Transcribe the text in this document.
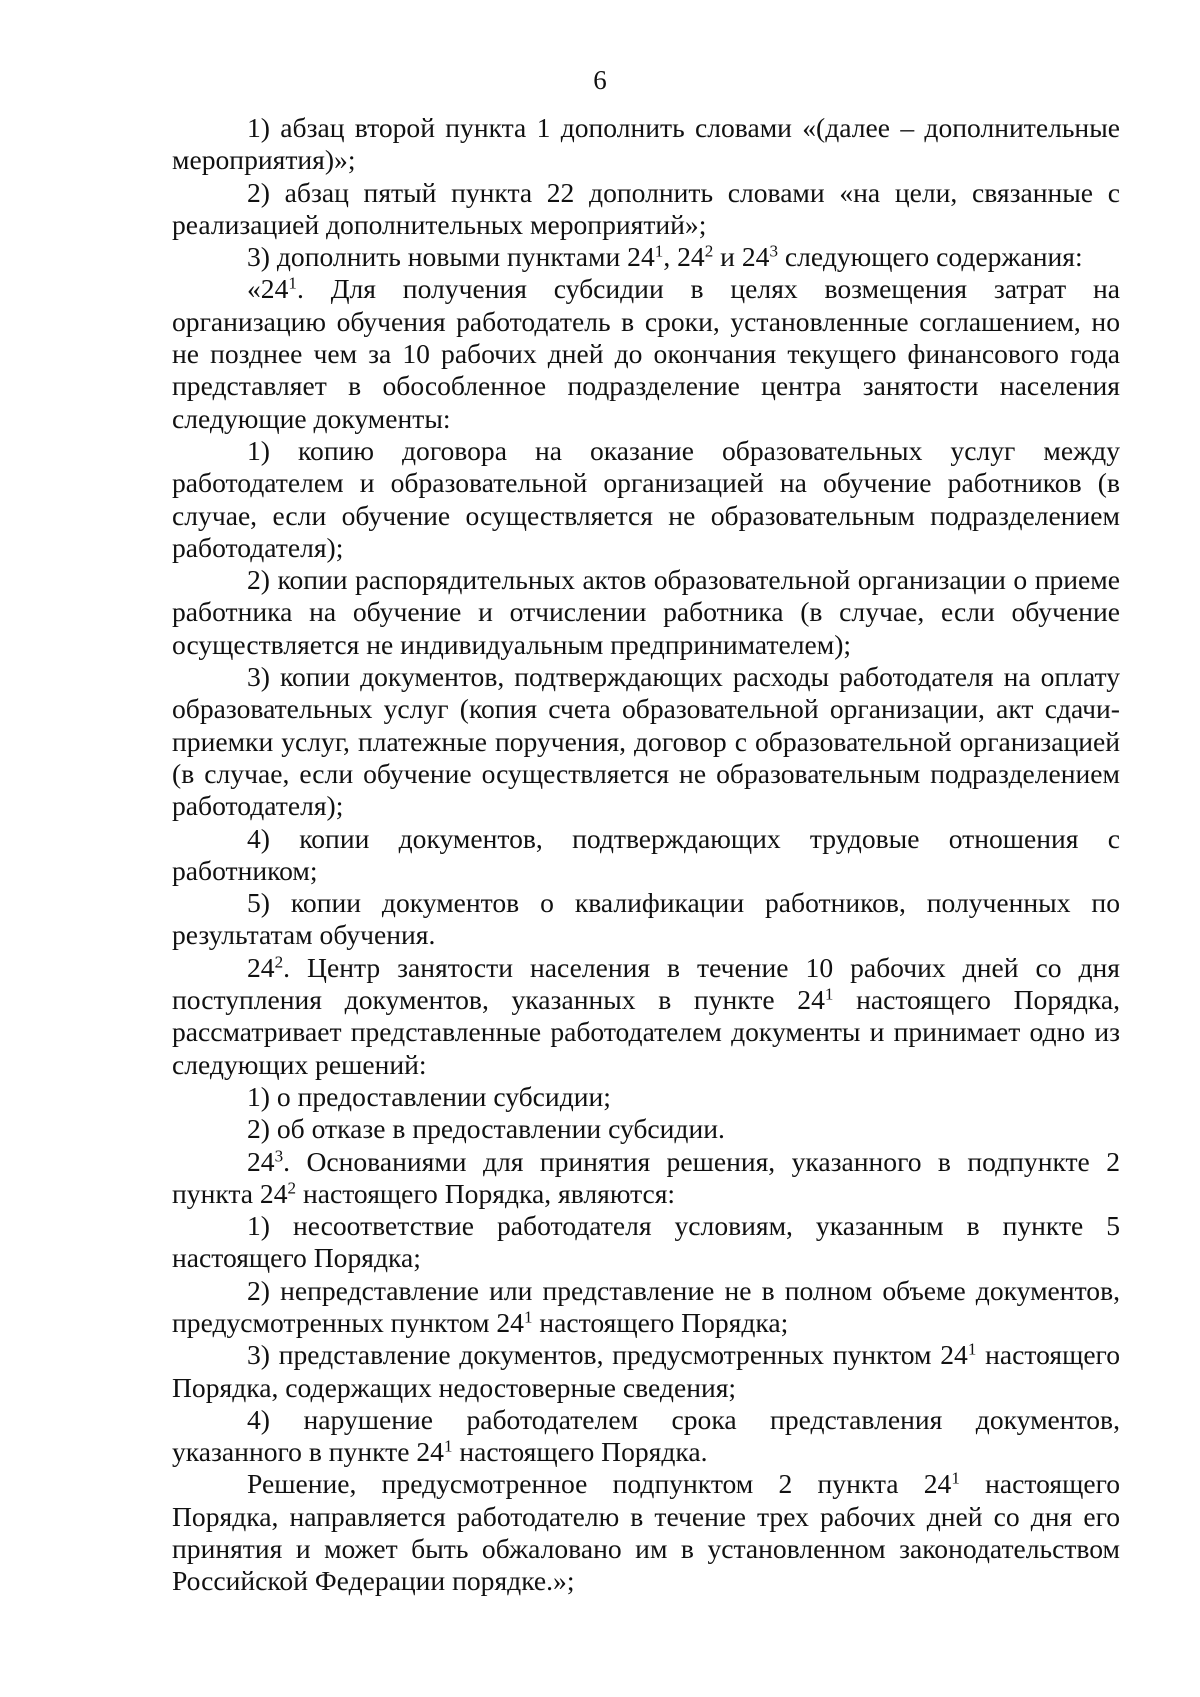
6

1) абзац второй пункта 1 дополнить словами «(далее – дополнительные мероприятия)»;

2) абзац пятый пункта 22 дополнить словами «на цели, связанные с реализацией дополнительных мероприятий»;

3) дополнить новыми пунктами $24^1$, $24^2$ и $24^3$ следующего содержания:

«$24^1$. Для получения субсидии в целях возмещения затрат на организацию обучения работодатель в сроки, установленные соглашением, но не позднее чем за 10 рабочих дней до окончания текущего финансового года представляет в обособленное подразделение центра занятости населения следующие документы:

1) копию договора на оказание образовательных услуг между работодателем и образовательной организацией на обучение работников (в случае, если обучение осуществляется не образовательным подразделением работодателя);

2) копии распорядительных актов образовательной организации о приеме работника на обучение и отчислении работника (в случае, если обучение осуществляется не индивидуальным предпринимателем);

3) копии документов, подтверждающих расходы работодателя на оплату образовательных услуг (копия счета образовательной организации, акт сдачи-приемки услуг, платежные поручения, договор с образовательной организацией (в случае, если обучение осуществляется не образовательным подразделением работодателя);

4) копии документов, подтверждающих трудовые отношения с работником;

5) копии документов о квалификации работников, полученных по результатам обучения.

$24^2$. Центр занятости населения в течение 10 рабочих дней со дня поступления документов, указанных в пункте $24^1$ настоящего Порядка, рассматривает представленные работодателем документы и принимает одно из следующих решений:

1) о предоставлении субсидии;

2) об отказе в предоставлении субсидии.

$24^3$. Основаниями для принятия решения, указанного в подпункте 2 пункта $24^2$ настоящего Порядка, являются:

1) несоответствие работодателя условиям, указанным в пункте 5 настоящего Порядка;

2) непредставление или представление не в полном объеме документов, предусмотренных пунктом $24^1$ настоящего Порядка;

3) представление документов, предусмотренных пунктом $24^1$ настоящего Порядка, содержащих недостоверные сведения;

4) нарушение работодателем срока представления документов, указанного в пункте $24^1$ настоящего Порядка.

Решение, предусмотренное подпунктом 2 пункта $24^1$ настоящего Порядка, направляется работодателю в течение трех рабочих дней со дня его принятия и может быть обжаловано им в установленном законодательством Российской Федерации порядке.»;
